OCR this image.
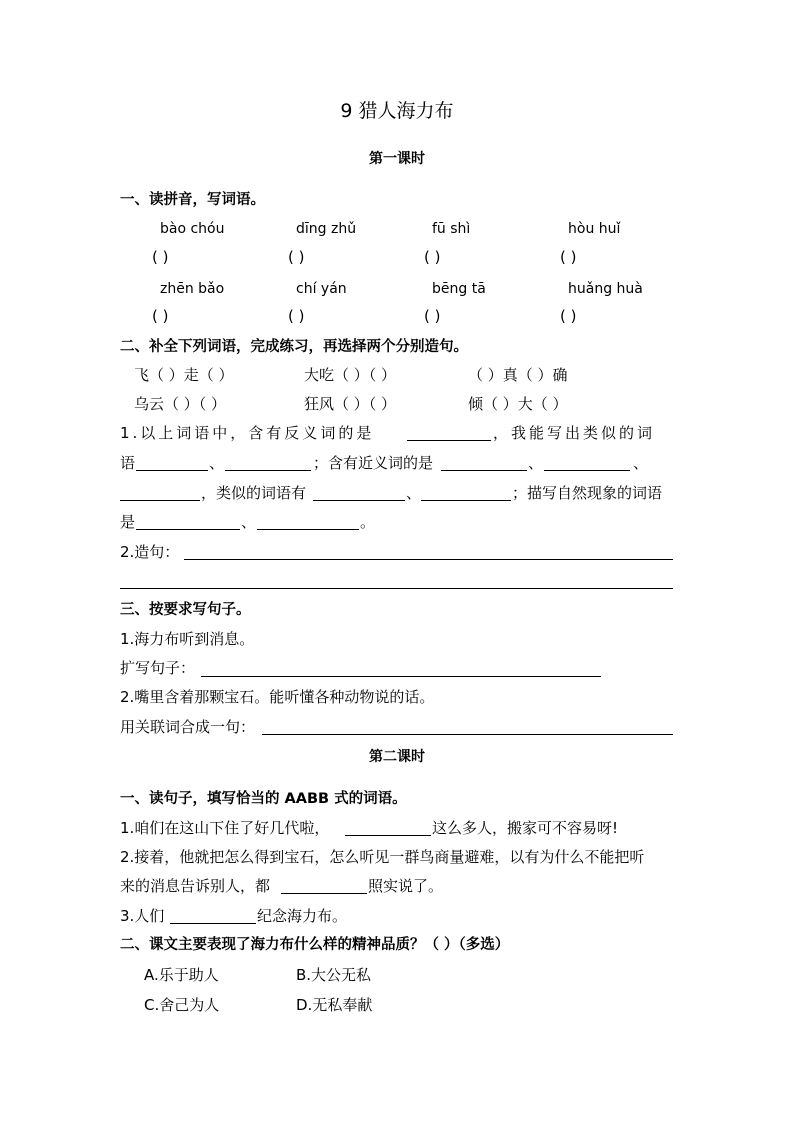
9 猎人海力布
第一课时
一、读拼音，写词语。
bào chóu	dīng zhǔ	fū shì	hòu huǐ
( )	( )	( )	( )
zhēn bǎo	chí yán	bēng tā	huǎng huà
( )	( )	( )	( )
二、补全下列词语，完成练习，再选择两个分别造句。
飞（ ）走（ ）	大吃（ ）（ ）	（ ）真（ ）确
乌云（ ）（ ）	狂风（ ）（ ）	倾（ ）大（ ）
1.以上词语中，含有反义词的是	，我能写出类似的词
语	、	；含有近义词的是	、	、
，类似的词语有	、	；描写自然现象的词语
是	、	。
2.造句：
三、按要求写句子。
1.海力布听到消息。
扩写句子：
2.嘴里含着那颗宝石。能听懂各种动物说的话。
用关联词合成一句：
第二课时
一、读句子，填写恰当的 AABB 式的词语。
1.咱们在这山下住了好几代啦，	这么多人，搬家可不容易呀!
2.接着，他就把怎么得到宝石，怎么听见一群鸟商量避难，以有为什么不能把听
来的消息告诉别人，都	照实说了。
3.人们	纪念海力布。
二、课文主要表现了海力布什么样的精神品质？（ ）（多选）
A.乐于助人	B.大公无私
C.舍己为人	D.无私奉献
